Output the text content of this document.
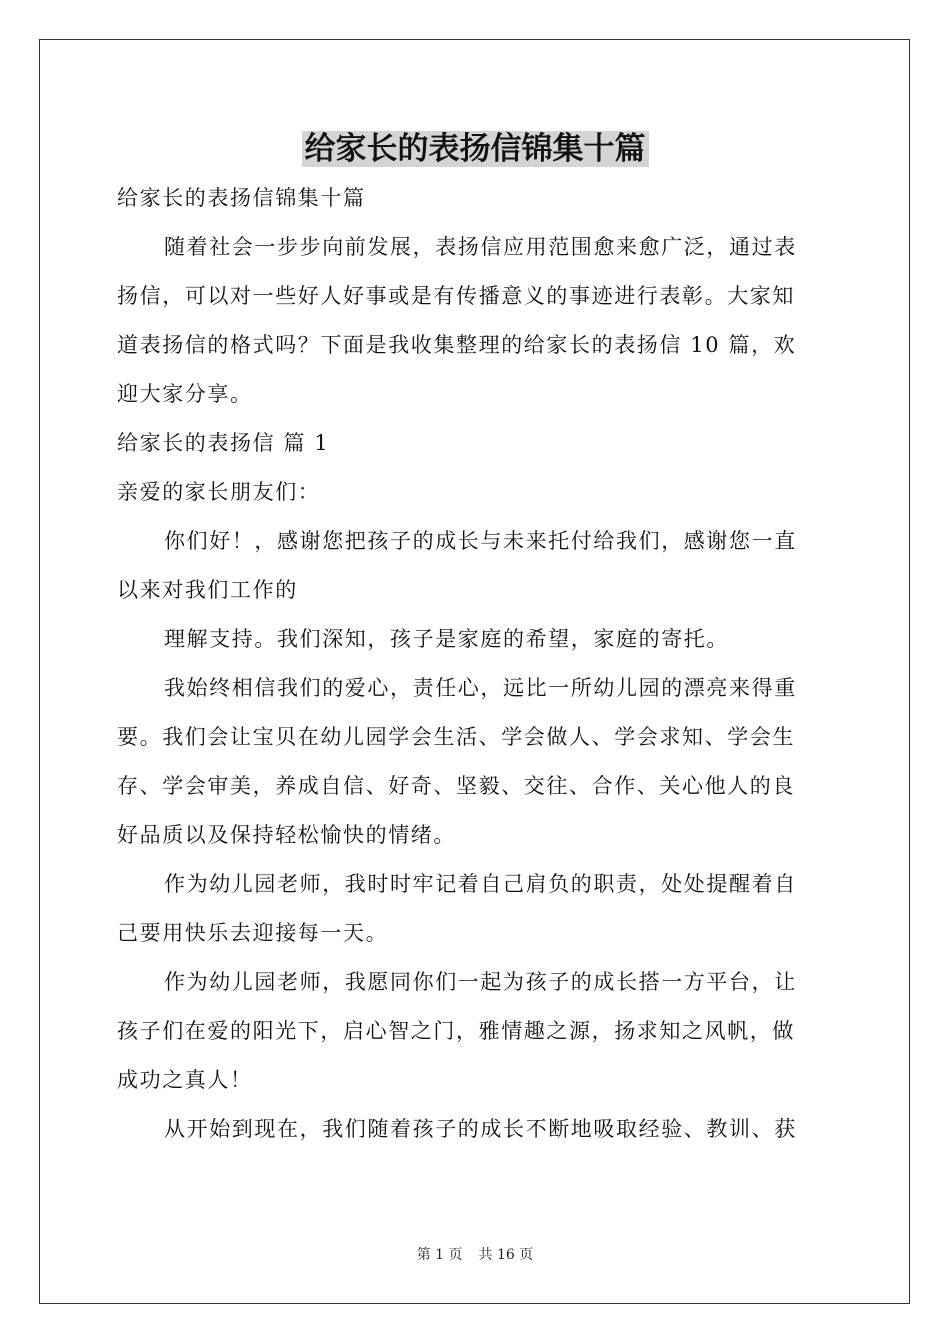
给家长的表扬信锦集十篇
给家长的表扬信锦集十篇
随着社会一步步向前发展，表扬信应用范围愈来愈广泛，通过表
扬信，可以对一些好人好事或是有传播意义的事迹进行表彰。大家知
道表扬信的格式吗？下面是我收集整理的给家长的表扬信 10 篇，欢
迎大家分享。
给家长的表扬信 篇 1
亲爱的家长朋友们：
你们好！，感谢您把孩子的成长与未来托付给我们，感谢您一直
以来对我们工作的
理解支持。我们深知，孩子是家庭的希望，家庭的寄托。
我始终相信我们的爱心，责任心，远比一所幼儿园的漂亮来得重
要。我们会让宝贝在幼儿园学会生活、学会做人、学会求知、学会生
存、学会审美，养成自信、好奇、坚毅、交往、合作、关心他人的良
好品质以及保持轻松愉快的情绪。
作为幼儿园老师，我时时牢记着自己肩负的职责，处处提醒着自
己要用快乐去迎接每一天。
作为幼儿园老师，我愿同你们一起为孩子的成长搭一方平台，让
孩子们在爱的阳光下，启心智之门，雅情趣之源，扬求知之风帆，做
成功之真人！
从开始到现在，我们随着孩子的成长不断地吸取经验、教训、获
第 1 页 共 16 页
